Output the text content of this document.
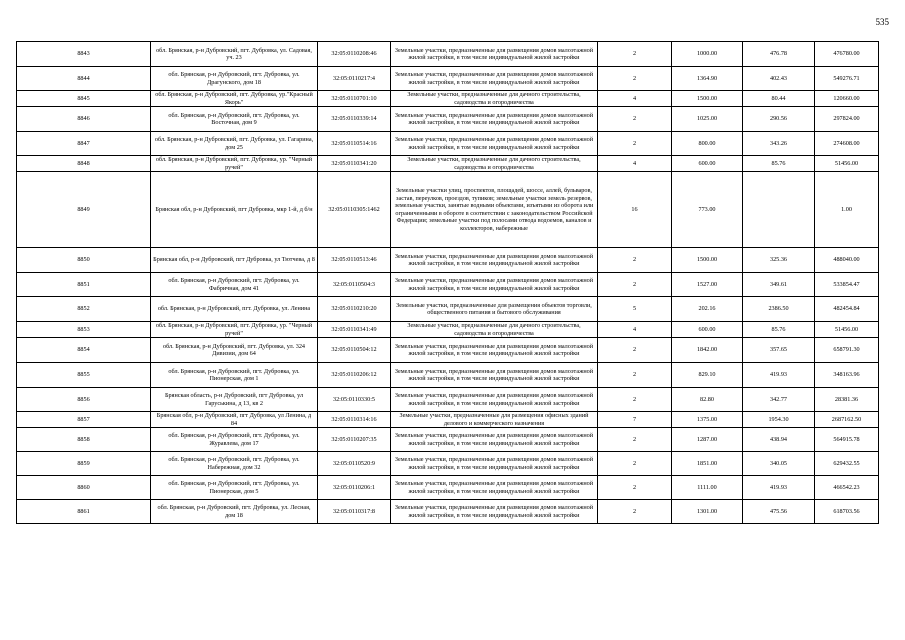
535
8843	обл. Брянская, р-н Дубровский, пгт. Дубровка, ул. Садовая, уч. 23	32:05:0110208:46	Земельные участки, предназначенные для размещения домов малоэтажной жилой застройки, в том числе индивидуальной жилой застройки	2	1000.00	476.78	476780.00
8844	обл. Брянская, р-н Дубровский, пгт. Дубровка, ул. Драгунского, дом 18	32:05:0110217:4	Земельные участки, предназначенные для размещения домов малоэтажной жилой застройки, в том числе индивидуальной жилой застройки	2	1364.90	402.43	549276.71
8845	обл. Брянская, р-н Дубровский, пгт. Дубровка, ур."Красный Якорь"	32:05:0110701:10	Земельные участки, предназначенные для дачного строительства, садоводства и огородничества	4	1500.00	80.44	120660.00
8846	обл. Брянская, р-н Дубровский, пгт. Дубровка, ул. Восточная, дом 9	32:05:0110339:14	Земельные участки, предназначенные для размещения домов малоэтажной жилой застройки, в том числе индивидуальной жилой застройки	2	1025.00	290.56	297824.00
8847	обл. Брянская, р-н Дубровский, пгт. Дубровка, ул. Гагарина, дом 25	32:05:0110514:16	Земельные участки, предназначенные для размещения домов малоэтажной жилой застройки, в том числе индивидуальной жилой застройки	2	800.00	343.26	274608.00
8848	обл. Брянская, р-н Дубровский, пгт. Дубровка, ур. "Черный ручей"	32:05:0110341:20	Земельные участки, предназначенные для дачного строительства, садоводства и огородничества	4	600.00	85.76	51456.00
8849	Брянская обл, р-н Дубровский, пгт Дубровка, мкр 1-й, д б/н	32:05:0110305:1462	Земельные участки улиц, проспектов, площадей, шоссе, аллей, бульваров, застав, переулков, проездов, тупиков; земельные участки земель резервов, земельные участки, занятые водными объектами, изъятыми из оборота или ограниченными в обороте в соответствии с законодательством Российской Федерации; земельные участки под полосами отвода водоемов, каналов и коллекторов, набережные	16	773.00		1.00
8850	Брянская обл, р-н Дубровский, пгт Дубровка, ул Тютчева, д 8	32:05:0110513:46	Земельные участки, предназначенные для размещения домов малоэтажной жилой застройки, в том числе индивидуальной жилой застройки	2	1500.00	325.36	488040.00
8851	обл. Брянская, р-н Дубровский, пгт. Дубровка, ул. Фабричная, дом 41	32:05:0110504:3	Земельные участки, предназначенные для размещения домов малоэтажной жилой застройки, в том числе индивидуальной жилой застройки	2	1527.00	349.61	533854.47
8852	обл. Брянская, р-н Дубровский, пгт. Дубровка, ул. Ленина	32:05:0110210:20	Земельные участки, предназначенные для размещения объектов торговли, общественного питания и бытового обслуживания	5	202.16	2386.50	482454.84
8853	обл. Брянская, р-н Дубровский, пгт. Дубровка, ур. "Черный ручей"	32:05:0110341:49	Земельные участки, предназначенные для дачного строительства, садоводства и огородничества	4	600.00	85.76	51456.00
8854	обл. Брянская, р-н Дубровский, пгт. Дубровка, ул. 324 Дивизии, дом 64	32:05:0110504:12	Земельные участки, предназначенные для размещения домов малоэтажной жилой застройки, в том числе индивидуальной жилой застройки	2	1842.00	357.65	658791.30
8855	обл. Брянская, р-н Дубровский, пгт. Дубровка, ул. Пионерская, дом 1	32:05:0110206:12	Земельные участки, предназначенные для размещения домов малоэтажной жилой застройки, в том числе индивидуальной жилой застройки	2	829.10	419.93	348163.96
8856	Брянская область, р-н Дубровский, пгт Дубровка, ул Гаруськина, д 13, кв 2	32:05:0110330:5	Земельные участки, предназначенные для размещения домов малоэтажной жилой застройки, в том числе индивидуальной жилой застройки	2	82.80	342.77	28381.36
8857	Брянская обл, р-н Дубровский, пгт Дубровка, ул Ленина, д 84	32:05:0110314:16	Земельные участки, предназначенные для размещения офисных зданий делового и коммерческого назначения	7	1375.00	1954.30	2687162.50
8858	обл. Брянская, р-н Дубровский, пгт. Дубровка, ул. Журавлева, дом 17	32:05:0110207:35	Земельные участки, предназначенные для размещения домов малоэтажной жилой застройки, в том числе индивидуальной жилой застройки	2	1287.00	438.94	564915.78
8859	обл. Брянская, р-н Дубровский, пгт. Дубровка, ул. Набережная, дом 32	32:05:0110520:9	Земельные участки, предназначенные для размещения домов малоэтажной жилой застройки, в том числе индивидуальной жилой застройки	2	1851.00	340.05	629432.55
8860	обл. Брянская, р-н Дубровский, пгт. Дубровка, ул. Пионерская, дом 5	32:05:0110206:1	Земельные участки, предназначенные для размещения домов малоэтажной жилой застройки, в том числе индивидуальной жилой застройки	2	1111.00	419.93	466542.23
8861	обл. Брянская, р-н Дубровский, пгт. Дубровка, ул. Лесная, дом 18	32:05:0110317:8	Земельные участки, предназначенные для размещения домов малоэтажной жилой застройки, в том числе индивидуальной жилой застройки	2	1301.00	475.56	618703.56
